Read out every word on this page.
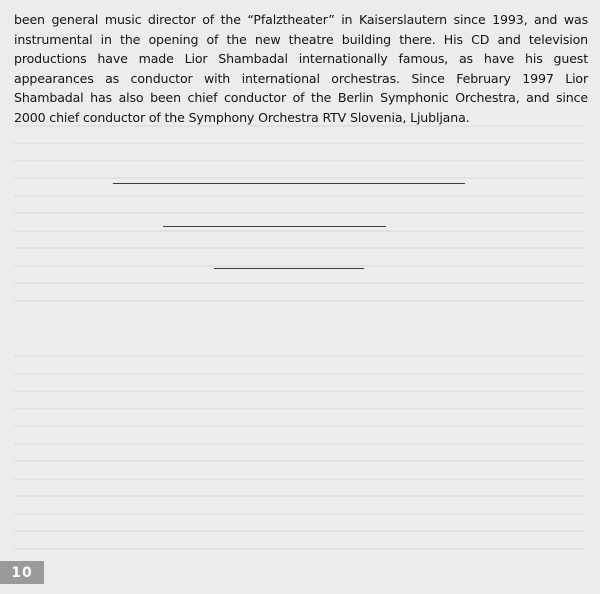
been general music director of the “Pfalztheater” in Kaiserslautern since 1993, and was instrumental in the opening of the new theatre building there. His CD and television productions have made Lior Shambadal internationally famous, as have his guest appearances as conductor with international orchestras. Since February 1997 Lior Shambadal has also been chief conductor of the Berlin Symphonic Orchestra, and since 2000 chief conductor of the Symphony Orchestra RTV Slovenia, Ljubljana.

10
